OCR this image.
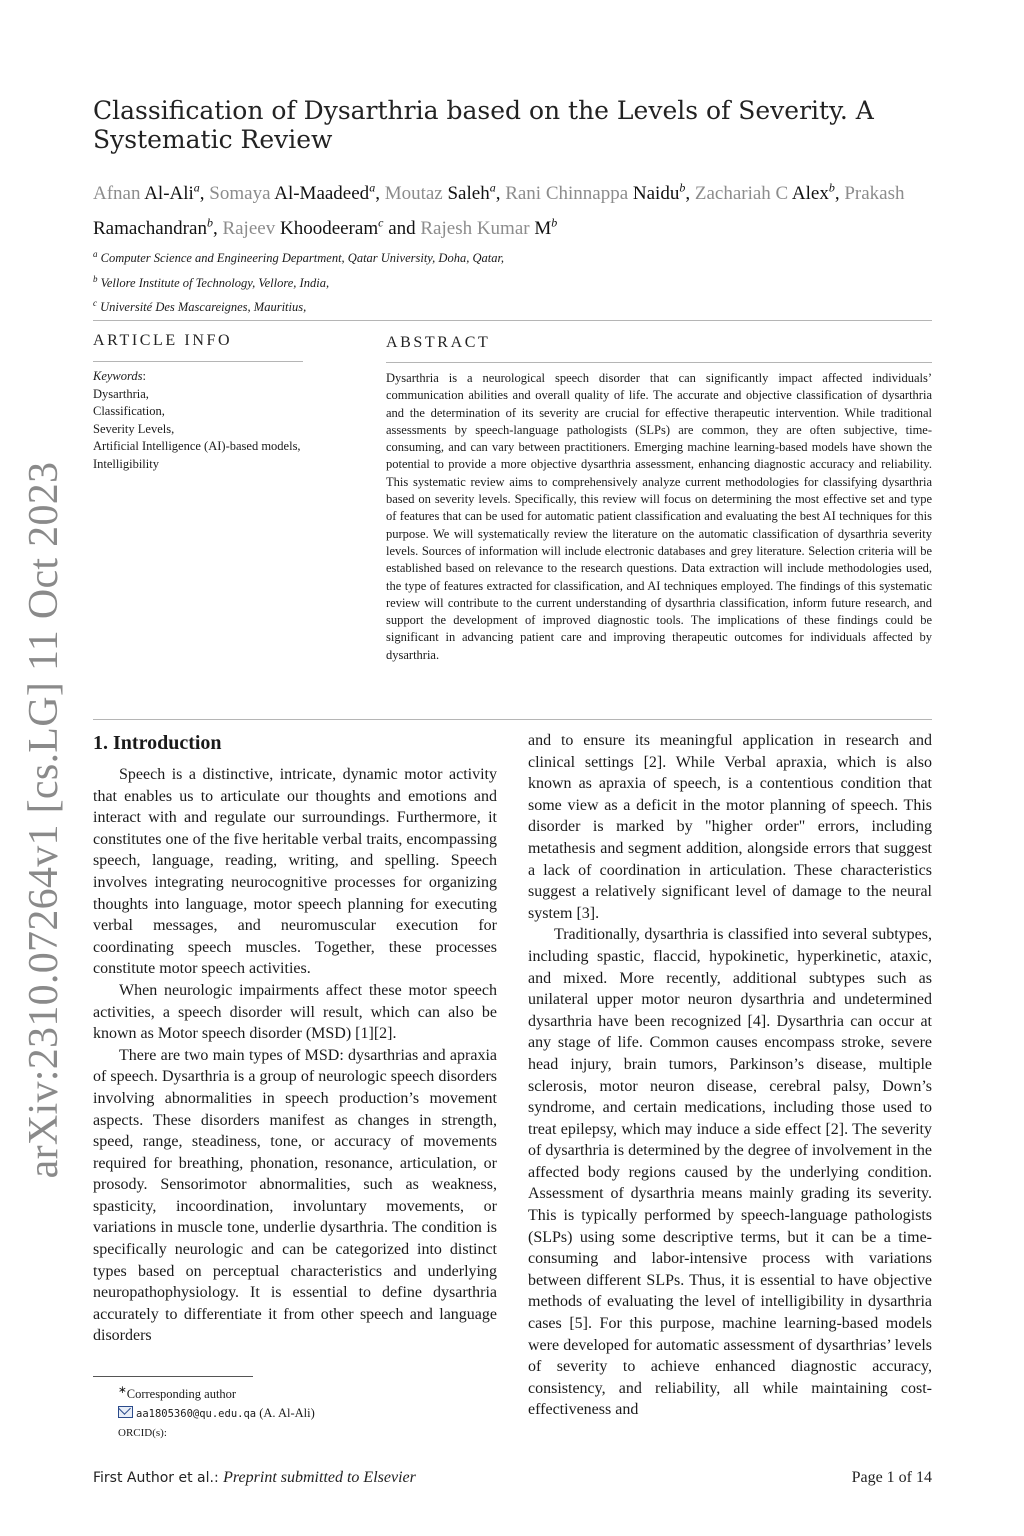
arXiv:2310.07264v1 [cs.LG] 11 Oct 2023
Classification of Dysarthria based on the Levels of Severity. A Systematic Review
Afnan Al-Ali$^a$, Somaya Al-Maadeed$^a$, Moutaz Saleh$^a$, Rani Chinnappa Naidu$^b$, Zachariah C Alex$^b$, Prakash Ramachandran$^b$, Rajeev Khoodeeram$^c$ and Rajesh Kumar $M^b$
$^a$ Computer Science and Engineering Department, Qatar University, Doha, Qatar,
$^b$ Vellore Institute of Technology, Vellore, India,
$^c$ Université Des Mascareignes, Mauritius,
ARTICLE INFO
Keywords:
Dysarthria,
Classification,
Severity Levels,
Artificial Intelligence (AI)-based models,
Intelligibility
ABSTRACT
Dysarthria is a neurological speech disorder that can significantly impact affected individuals’ communication abilities and overall quality of life. The accurate and objective classification of dysarthria and the determination of its severity are crucial for effective therapeutic intervention. While traditional assessments by speech-language pathologists (SLPs) are common, they are often subjective, time-consuming, and can vary between practitioners. Emerging machine learning-based models have shown the potential to provide a more objective dysarthria assessment, enhancing diagnostic accuracy and reliability. This systematic review aims to comprehensively analyze current methodologies for classifying dysarthria based on severity levels. Specifically, this review will focus on determining the most effective set and type of features that can be used for automatic patient classification and evaluating the best AI techniques for this purpose. We will systematically review the literature on the automatic classification of dysarthria severity levels. Sources of information will include electronic databases and grey literature. Selection criteria will be established based on relevance to the research questions. Data extraction will include methodologies used, the type of features extracted for classification, and AI techniques employed. The findings of this systematic review will contribute to the current understanding of dysarthria classification, inform future research, and support the development of improved diagnostic tools. The implications of these findings could be significant in advancing patient care and improving therapeutic outcomes for individuals affected by dysarthria.
1. Introduction

Speech is a distinctive, intricate, dynamic motor activity that enables us to articulate our thoughts and emotions and interact with and regulate our surroundings. Furthermore, it constitutes one of the five heritable verbal traits, encompassing speech, language, reading, writing, and spelling. Speech involves integrating neurocognitive processes for organizing thoughts into language, motor speech planning for executing verbal messages, and neuromuscular execution for coordinating speech muscles. Together, these processes constitute motor speech activities.

When neurologic impairments affect these motor speech activities, a speech disorder will result, which can also be known as Motor speech disorder (MSD) [1][2].

There are two main types of MSD: dysarthrias and apraxia of speech. Dysarthria is a group of neurologic speech disorders involving abnormalities in speech production’s movement aspects. These disorders manifest as changes in strength, speed, range, steadiness, tone, or accuracy of movements required for breathing, phonation, resonance, articulation, or prosody. Sensorimotor abnormalities, such as weakness, spasticity, incoordination, involuntary movements, or variations in muscle tone, underlie dysarthria. The condition is specifically neurologic and can be categorized into distinct types based on perceptual characteristics and underlying neuropathophysiology. It is essential to define dysarthria accurately to differentiate it from other speech and language disorders

and to ensure its meaningful application in research and clinical settings [2]. While Verbal apraxia, which is also known as apraxia of speech, is a contentious condition that some view as a deficit in the motor planning of speech. This disorder is marked by "higher order" errors, including metathesis and segment addition, alongside errors that suggest a lack of coordination in articulation. These characteristics suggest a relatively significant level of damage to the neural system [3].

Traditionally, dysarthria is classified into several subtypes, including spastic, flaccid, hypokinetic, hyperkinetic, ataxic, and mixed. More recently, additional subtypes such as unilateral upper motor neuron dysarthria and undetermined dysarthria have been recognized [4]. Dysarthria can occur at any stage of life. Common causes encompass stroke, severe head injury, brain tumors, Parkinson’s disease, multiple sclerosis, motor neuron disease, cerebral palsy, Down’s syndrome, and certain medications, including those used to treat epilepsy, which may induce a side effect [2]. The severity of dysarthria is determined by the degree of involvement in the affected body regions caused by the underlying condition. Assessment of dysarthria means mainly grading its severity. This is typically performed by speech-language pathologists (SLPs) using some descriptive terms, but it can be a time-consuming and labor-intensive process with variations between different SLPs. Thus, it is essential to have objective methods of evaluating the level of intelligibility in dysarthria cases [5]. For this purpose, machine learning-based models were developed for automatic assessment of dysarthrias’ levels of severity to achieve enhanced diagnostic accuracy, consistency, and reliability, all while maintaining cost-effectiveness and

∗Corresponding author
aa1805360@qu.edu.qa (A. Al-Ali)
ORCID(s):
First Author et al.: Preprint submitted to Elsevier	Page 1 of 14
